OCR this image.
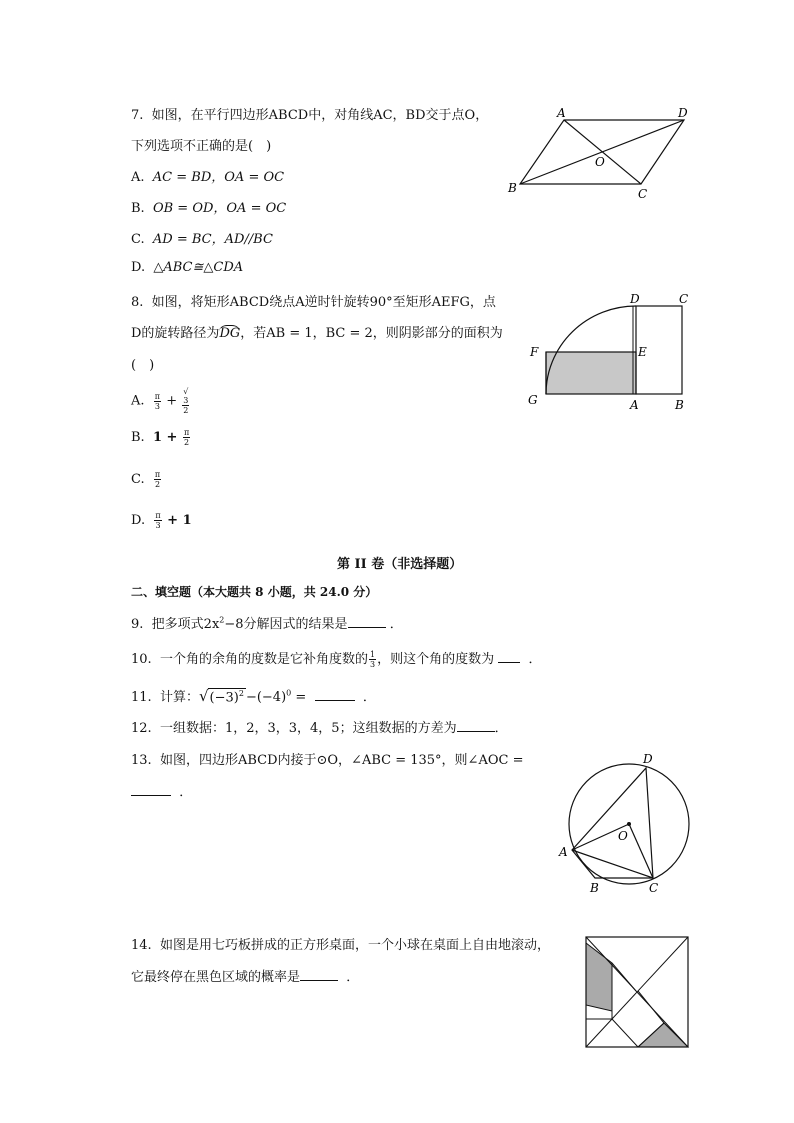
7. 如图，在平行四边形ABCD中，对角线AC，BD交于点O，
下列选项不正确的是(　)
A. AC = BD，OA = OC
B. OB = OD，OA = OC
C. AD = BC，AD//BC
D. △ABC≅△CDA
A	D
O
B	C
8. 如图，将矩形ABCD绕点A逆时针旋转90°至矩形AEFG，点
D的旋转路径为DG，若AB = 1，BC = 2，则阴影部分的面积为
(　)
A. $\frac{\pi}{3}$ + √
3
2
B. $1 + \frac{\pi}{2}$
C. $\frac{\pi}{2}$
D. $\frac{\pi}{3} + 1$
D	C
F	E
G	A	B
第 II 卷（非选择题）
二、填空题（本大题共 8 小题，共 24.0 分）
9. 把多项式$2x^2-8$分解因式的结果是	．
10. 一个角的余角的度数是它补角度数的 $\frac{1}{3}$ ，则这个角的度数为	．
11. 计算：$√(-3)^2 -(-4)^0$ =	．
12. 一组数据：1，2，3，3，4，5；这组数据的方差为	．
13. 如图，四边形ABCD内接于⊙O，∠ABC = 135°，则∠AOC =
．
D
O
A
B	C
14. 如图是用七巧板拼成的正方形桌面，一个小球在桌面上自由地滚动，
它最终停在黑色区域的概率是	．
